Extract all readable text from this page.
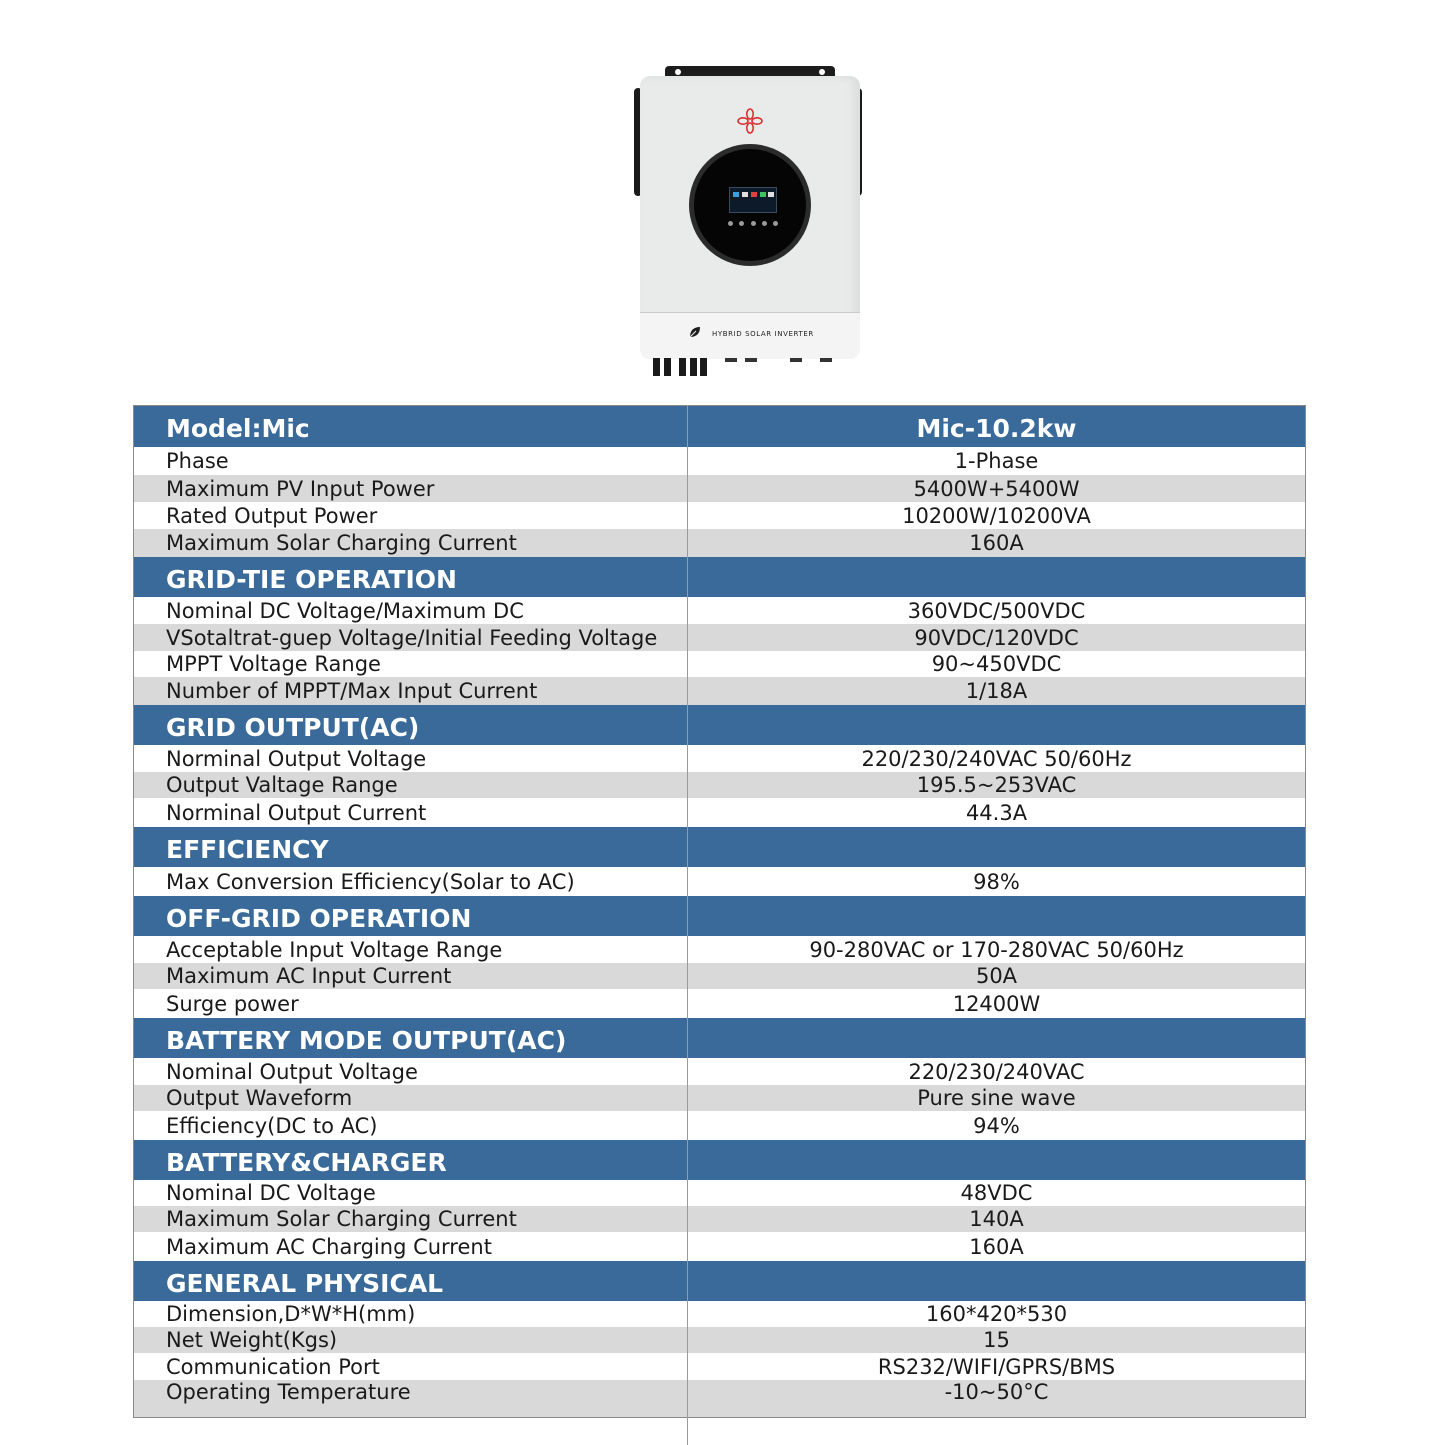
HYBRID SOLAR INVERTER
Model:Mic	Mic-10.2kw
Phase	1-Phase
Maximum PV Input Power	5400W+5400W
Rated Output Power	10200W/10200VA
Maximum Solar Charging Current	160A
GRID-TIE OPERATION
Nominal DC Voltage/Maximum DC	360VDC/500VDC
VSotaltrat-guep Voltage/Initial Feeding Voltage	90VDC/120VDC
MPPT Voltage Range	90~450VDC
Number of MPPT/Max Input Current	1/18A
GRID OUTPUT(AC)
Norminal Output Voltage	220/230/240VAC 50/60Hz
Output Valtage Range	195.5~253VAC
Norminal Output Current	44.3A
EFFICIENCY
Max Conversion Efficiency(Solar to AC)	98%
OFF-GRID OPERATION
Acceptable Input Voltage Range	90-280VAC or 170-280VAC 50/60Hz
Maximum AC Input Current	50A
Surge power	12400W
BATTERY MODE OUTPUT(AC)
Nominal Output Voltage	220/230/240VAC
Output Waveform	Pure sine wave
Efficiency(DC to AC)	94%
BATTERY&CHARGER
Nominal DC Voltage	48VDC
Maximum Solar Charging Current	140A
Maximum AC Charging Current	160A
GENERAL PHYSICAL
Dimension,D*W*H(mm)	160*420*530
Net Weight(Kgs)	15
Communication Port	RS232/WIFI/GPRS/BMS
Operating Temperature	-10~50°C
